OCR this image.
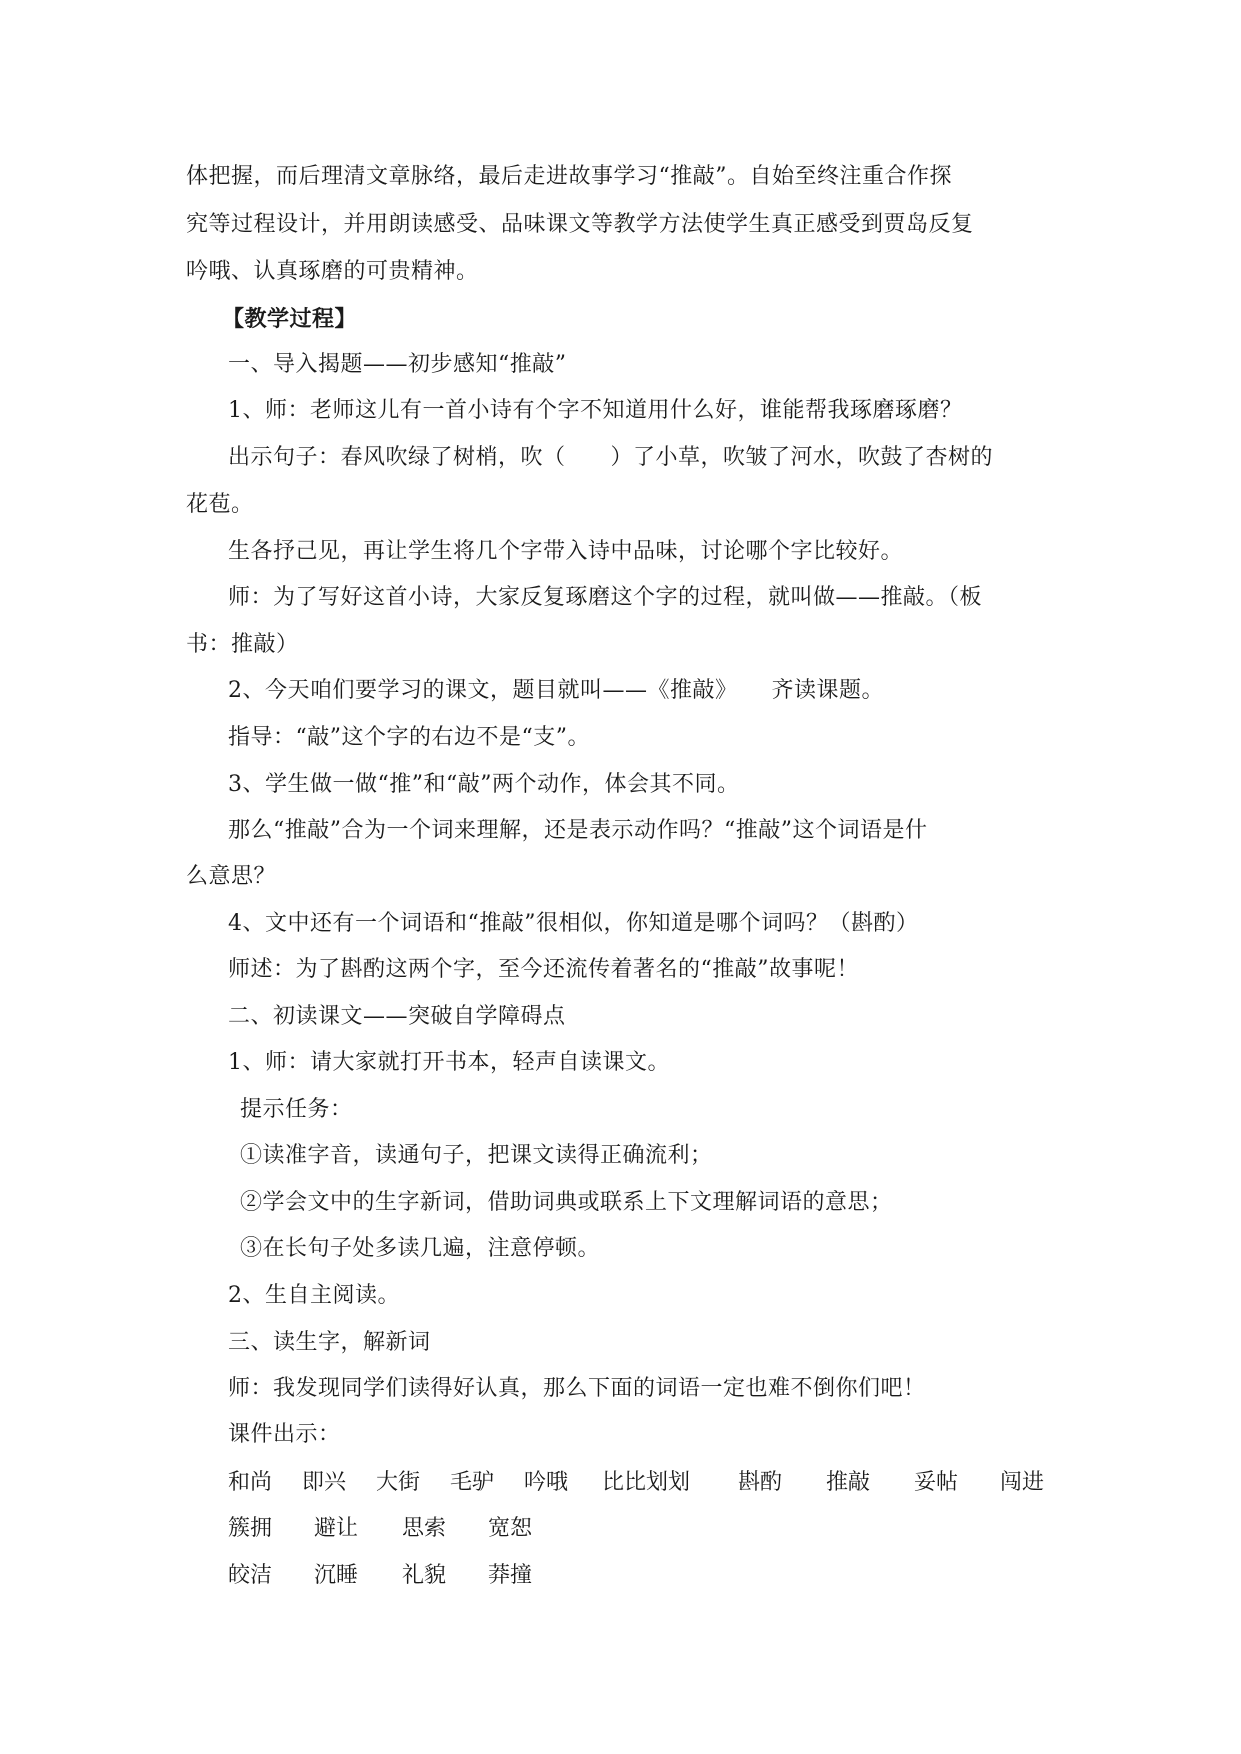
体把握，而后理清文章脉络，最后走进故事学习“推敲”。自始至终注重合作探
究等过程设计，并用朗读感受、品味课文等教学方法使学生真正感受到贾岛反复
吟哦、认真琢磨的可贵精神。
【教学过程】
一、导入揭题——初步感知“推敲”
1、师：老师这儿有一首小诗有个字不知道用什么好，谁能帮我琢磨琢磨？
出示句子：春风吹绿了树梢，吹（　　）了小草，吹皱了河水，吹鼓了杏树的
花苞。
生各抒己见，再让学生将几个字带入诗中品味，讨论哪个字比较好。
师：为了写好这首小诗，大家反复琢磨这个字的过程，就叫做——推敲。（板
书：推敲）
2、今天咱们要学习的课文，题目就叫——《推敲》　　齐读课题。
指导：“敲”这个字的右边不是“支”。
3、学生做一做“推”和“敲”两个动作，体会其不同。
那么“推敲”合为一个词来理解，还是表示动作吗？“推敲”这个词语是什
么意思？
4、文中还有一个词语和“推敲”很相似，你知道是哪个词吗？（斟酌）
师述：为了斟酌这两个字，至今还流传着著名的“推敲”故事呢！
二、初读课文——突破自学障碍点
1、师：请大家就打开书本，轻声自读课文。
提示任务：
①读准字音，读通句子，把课文读得正确流利；
②学会文中的生字新词，借助词典或联系上下文理解词语的意思；
③在长句子处多读几遍，注意停顿。
2、生自主阅读。
三、读生字，解新词
师：我发现同学们读得好认真，那么下面的词语一定也难不倒你们吧！
课件出示：
和尚 即兴 大街 毛驴 吟哦 比比划划 斟酌 推敲 妥帖 闯进
簇拥 避让 思索 宽恕
皎洁 沉睡 礼貌 莽撞
